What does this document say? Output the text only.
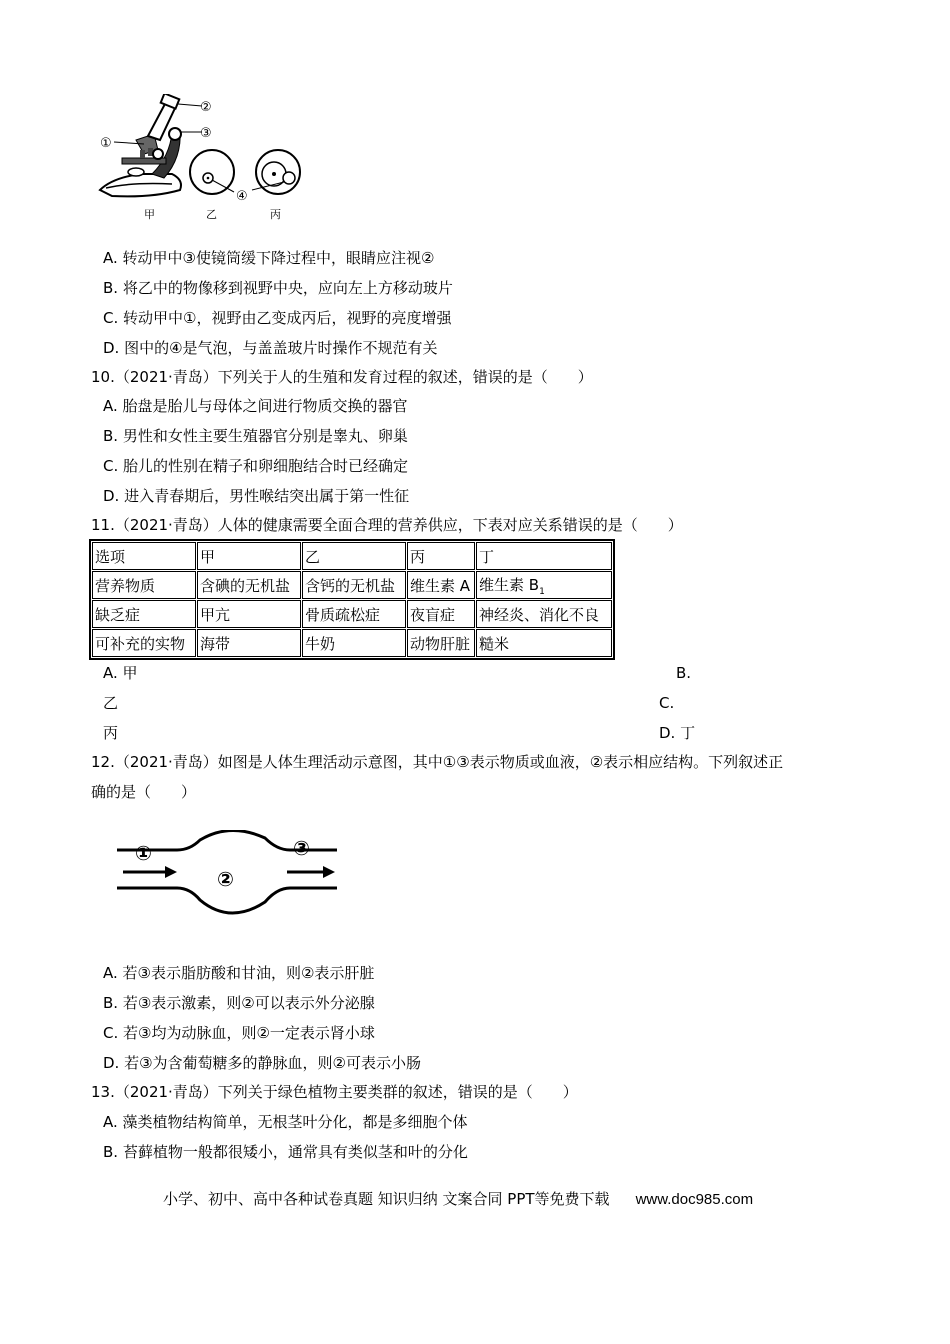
①
②
③
④
甲	乙	丙
A. 转动甲中③使镜筒缓下降过程中，眼睛应注视②
B. 将乙中的物像移到视野中央，应向左上方移动玻片
C. 转动甲中①，视野由乙变成丙后，视野的亮度增强
D. 图中的④是气泡，与盖盖玻片时操作不规范有关
10.（2021·青岛）下列关于人的生殖和发育过程的叙述，错误的是（　　）
A. 胎盘是胎儿与母体之间进行物质交换的器官
B. 男性和女性主要生殖器官分别是睾丸、卵巢
C. 胎儿的性别在精子和卵细胞结合时已经确定
D. 进入青春期后，男性喉结突出属于第一性征
11.（2021·青岛）人体的健康需要全面合理的营养供应，下表对应关系错误的是（　　）
选项	甲	乙	丙	丁
营养物质	含碘的无机盐	含钙的无机盐	维生素 A	维生素 $B_1$
缺乏症	甲亢	骨质疏松症	夜盲症	神经炎、消化不良
可补充的实物	海带	牛奶	动物肝脏	糙米
A. 甲	B.
乙	C.
丙	D. 丁
12.（2021·青岛）如图是人体生理活动示意图，其中①③表示物质或血液，②表示相应结构。下列叙述正
确的是（　　）
①
②
③
A. 若③表示脂肪酸和甘油，则②表示肝脏
B. 若③表示激素，则②可以表示外分泌腺
C. 若③均为动脉血，则②一定表示肾小球
D. 若③为含葡萄糖多的静脉血，则②可表示小肠
13.（2021·青岛）下列关于绿色植物主要类群的叙述，错误的是（　　）
A. 藻类植物结构简单，无根茎叶分化，都是多细胞个体
B. 苔藓植物一般都很矮小，通常具有类似茎和叶的分化
小学、初中、高中各种试卷真题 知识归纳 文案合同 PPT等免费下载 www.doc985.com
